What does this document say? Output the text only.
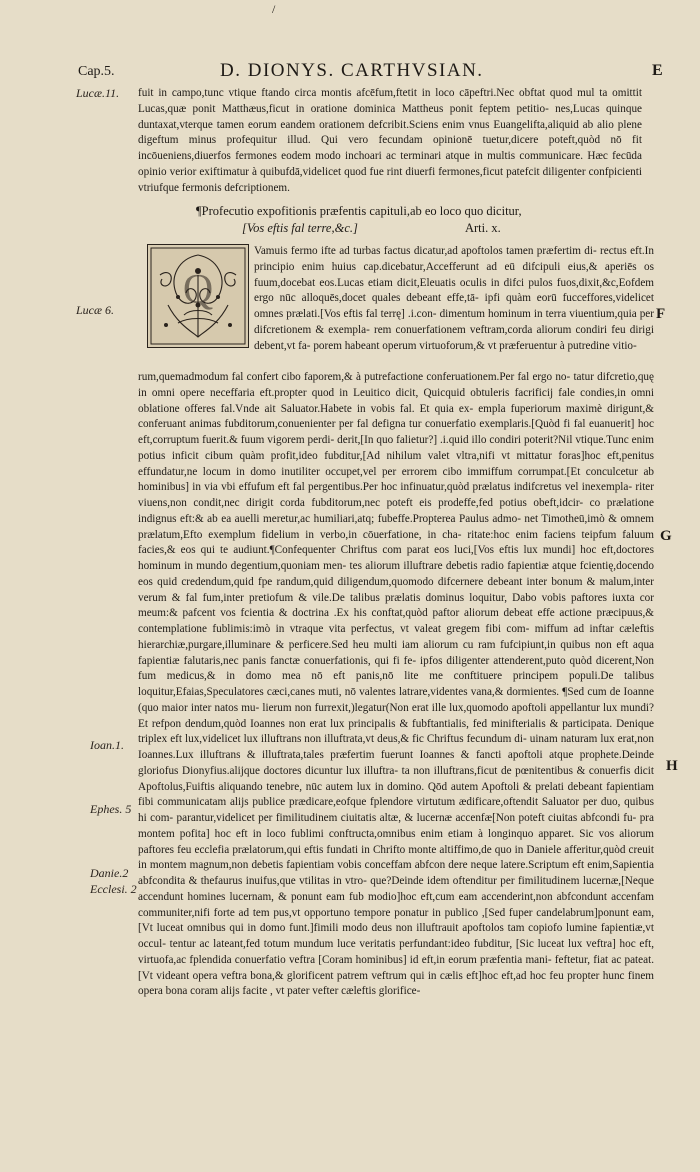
/
Cap.5.	D. DIONYS. CARTHVSIAN.	E
Lucæ.11.
Lucæ 6.
Ioan.1.
Ephes. 5
Danie.2
Ecclesi. 2
F
G
H

fuit in campo,tunc vtique ftando circa montis afcēfum,ftetit in loco cāpeftri.Nec obftat quod mul ta omittit Lucas,quæ ponit Matthæus,ficut in oratione dominica Mattheus ponit feptem petitio- nes,Lucas quinque duntaxat,vterque tamen eorum eandem orationem defcribit.Sciens enim vnus Euangelifta,aliquid ab alio plene digeftum minus profequitur illud. Qui vero fecundam opinionē tuetur,dicere poteft,quòd nō fit incōueniens,diuerfos fermones eodem modo inchoari ac terminari atque in multis communicare. Hæc fecūda opinio verior exiftimatur à quibufdā,videlicet quod fue rint diuerfi fermones,ficut patefcit diligenter confpicienti vtriufque fermonis defcriptionem.

¶Profecutio expofitionis præfentis capituli,ab eo loco quo dicitur,
[Vos eftis fal terre,&c.]	Arti. x.
Q

Vamuis fermo ifte ad turbas factus dicatur,ad apoftolos tamen præfertim di- rectus eft.In principio enim huius cap.dicebatur,Accefferunt ad eū difcipuli eius,& aperiēs os fuum,docebat eos.Lucas etiam dicit,Eleuatis oculis in difci pulos fuos,dixit,&c,Eofdem ergo nūc alloquēs,docet quales debeant effe,tā- ipfi quàm eorū fucceffores,videlicet omnes prælati.[Vos eftis fal terrę] .i.con- dimentum hominum in terra viuentium,quia per difcretionem & exempla- rem conuerfationem veftram,corda aliorum condiri feu dirigi debent,vt fa- porem habeant operum virtuoforum,& vt præferuentur à putredine vitio-

rum,quemadmodum fal confert cibo faporem,& à putrefactione conferuationem.Per fal ergo no- tatur difcretio,quę in omni opere neceffaria eft.propter quod in Leuitico dicit, Quicquid obtuleris facrificij fale condies,in omni oblatione offeres fal.Vnde ait Saluator.Habete in vobis fal. Et quia ex- empla fuperiorum maximè dirigunt,& conferuant animas fubditorum,conuenienter per fal defigna tur conuerfatio exemplaris.[Quòd fi fal euanuerit] hoc eft,corruptum fuerit.& fuum vigorem perdi- derit,[In quo falietur?] .i.quid illo condiri poterit?Nil vtique.Tunc enim potius inficit cibum quàm profit,ideo fubditur,[Ad nihilum valet vltra,nifi vt mittatur foras]hoc eft,penitus effundatur,ne locum in domo inutiliter occupet,vel per errorem cibo immiffum corrumpat.[Et conculcetur ab hominibus] in via vbi effufum eft fal pergentibus.Per hoc infinuatur,quòd prælatus indifcretus vel inexempla- riter viuens,non condit,nec dirigit corda fubditorum,nec poteft eis prodeffe,fed potius obeft,idcir- co prælatione indignus eft:& ab ea auelli meretur,ac humiliari,atq; fubeffe.Propterea Paulus admo- net Timotheū,imò & omnem prælatum,Efto exemplum fidelium in verbo,in cōuerfatione, in cha- ritate:hoc enim faciens teipfum faluum facies,& eos qui te audiunt.¶Confequenter Chriftus com parat eos luci,[Vos eftis lux mundi] hoc eft,doctores hominum in mundo degentium,quoniam men- tes aliorum illuftrare debetis radio fapientiæ atque fcientię,docendo eos quid credendum,quid fpe randum,quid diligendum,quomodo difcernere debeant inter bonum & malum,inter verum & fal fum,inter pretiofum & vile.De talibus prælatis dominus loquitur, Dabo vobis paftores iuxta cor meum:& pafcent vos fcientia & doctrina .Ex his conftat,quòd paftor aliorum debeat effe actione præcipuus,& contemplatione fublimis:imò in vtraque vita perfectus, vt valeat gregem fibi com- miffum ad inftar cæleftis hierarchiæ,purgare,illuminare & perficere.Sed heu multi iam aliorum cu ram fufcipiunt,in quibus non eft aqua fapientiæ falutaris,nec panis fanctæ conuerfationis, qui fi fe- ipfos diligenter attenderent,puto quòd dicerent,Non fum medicus,& in domo mea nō eft panis,nō lite me conftituere principem populi.De talibus loquitur,Efaias,Speculatores cæci,canes muti, nō valentes latrare,videntes vana,& dormientes. ¶Sed cum de Ioanne (quo maior inter natos mu- lierum non furrexit,)legatur(Non erat ille lux,quomodo apoftoli appellantur lux mundi?Et refpon dendum,quòd Ioannes non erat lux principalis & fubftantialis, fed minifterialis & participata. Denique triplex eft lux,videlicet lux illuftrans non illuftrata,vt deus,& fic Chriftus fecundum di- uinam naturam lux erat,non Ioannes.Lux illuftrans & illuftrata,tales præfertim fuerunt Ioannes & fancti apoftoli atque prophete.Deinde gloriofus Dionyfius.alijque doctores dicuntur lux illuftra- ta non illuftrans,ficut de pœnitentibus & conuerfis dicit Apoftolus,Fuiftis aliquando tenebre, nūc autem lux in domino. Qōd autem Apoftoli & prelati debeant fapientiam fibi communicatam alijs publice prædicare,eofque fplendore virtutum ædificare,oftendit Saluator per duo, quibus hi com- parantur,videlicet per fimilitudinem ciuitatis altæ, & lucernæ accenfæ[Non poteft ciuitas abfcondi fu- pra montem pofita] hoc eft in loco fublimi conftructa,omnibus enim etiam à longinquo apparet. Sic vos aliorum paftores feu ecclefia prælatorum,qui eftis fundati in Chrifto monte altiffimo,de quo in Daniele afferitur,quòd creuit in montem magnum,non debetis fapientiam vobis conceffam abfcon dere neque latere.Scriptum eft enim,Sapientia abfcondita & thefaurus inuifus,que vtilitas in vtro- que?Deinde idem oftenditur per fimilitudinem lucernæ,[Neque accendunt homines lucernam, & ponunt eam fub modio]hoc eft,cum eam accenderint,non abfcondunt accenfam communiter,nifi forte ad tem pus,vt opportuno tempore ponatur in publico ,[Sed fuper candelabrum]ponunt eam,[Vt luceat omnibus qui in domo funt.]fimili modo deus non illuftrauit apoftolos tam copiofo lumine fapientiæ,vt occul- tentur ac lateant,fed totum mundum luce veritatis perfundant:ideo fubditur, [Sic luceat lux veftra] hoc eft, virtuofa,ac fplendida conuerfatio veftra [Coram hominibus] id eft,in eorum præfentia mani- feftetur, fiat ac pateat.[Vt videant opera veftra bona,& glorificent patrem veftrum qui in cælis eft]hoc eft,ad hoc feu propter hunc finem opera bona coram alijs facite , vt pater vefter cæleftis glorifice-
